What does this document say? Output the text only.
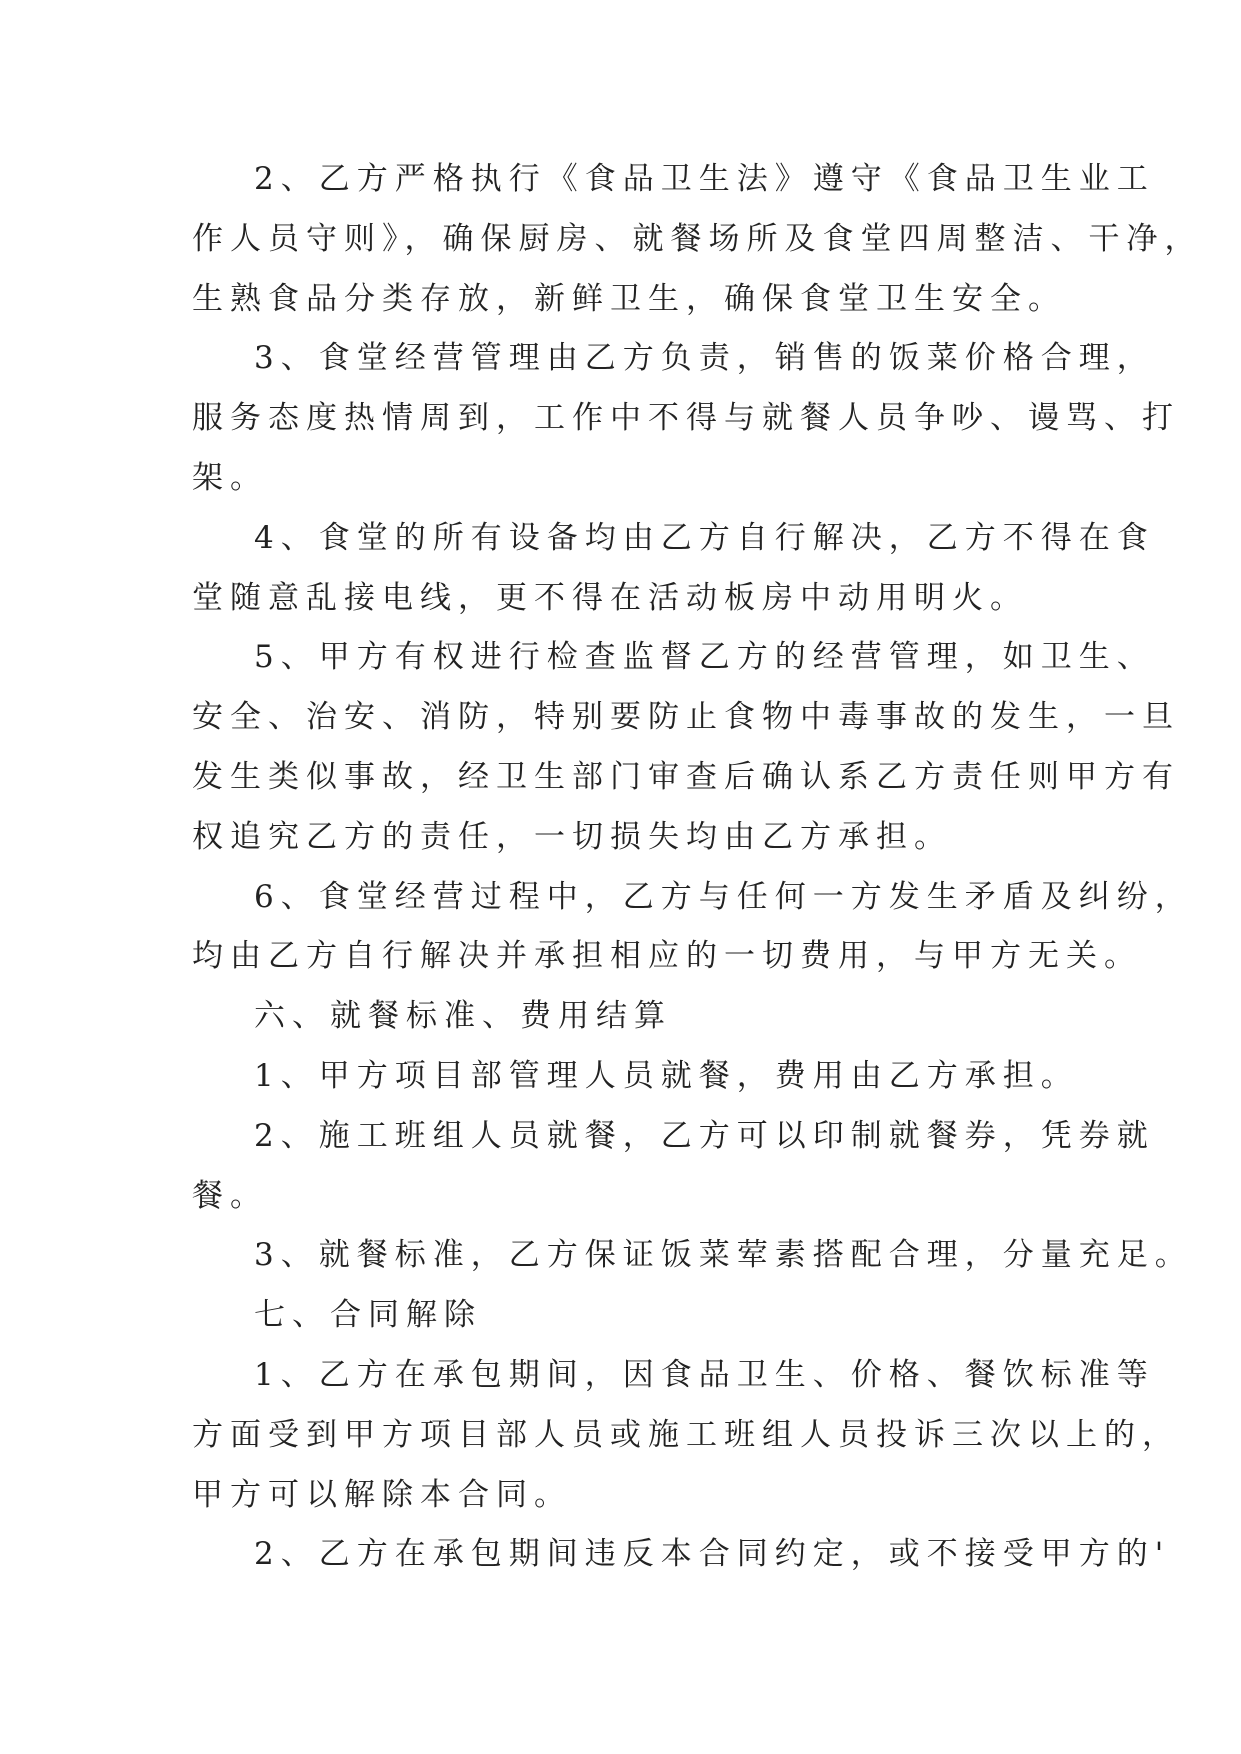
2、乙方严格执行《食品卫生法》遵守《食品卫生业工
作人员守则》，确保厨房、就餐场所及食堂四周整洁、干净，
生熟食品分类存放，新鲜卫生，确保食堂卫生安全。

3、食堂经营管理由乙方负责，销售的饭菜价格合理，
服务态度热情周到，工作中不得与就餐人员争吵、谩骂、打
架。

4、食堂的所有设备均由乙方自行解决，乙方不得在食
堂随意乱接电线，更不得在活动板房中动用明火。

5、甲方有权进行检查监督乙方的经营管理，如卫生、
安全、治安、消防，特别要防止食物中毒事故的发生，一旦
发生类似事故，经卫生部门审查后确认系乙方责任则甲方有
权追究乙方的责任，一切损失均由乙方承担。

6、食堂经营过程中，乙方与任何一方发生矛盾及纠纷，
均由乙方自行解决并承担相应的一切费用，与甲方无关。

六、就餐标准、费用结算

1、甲方项目部管理人员就餐，费用由乙方承担。

2、施工班组人员就餐，乙方可以印制就餐券，凭券就
餐。

3、就餐标准，乙方保证饭菜荤素搭配合理，分量充足。

七、合同解除

1、乙方在承包期间，因食品卫生、价格、餐饮标准等
方面受到甲方项目部人员或施工班组人员投诉三次以上的，
甲方可以解除本合同。

2、乙方在承包期间违反本合同约定，或不接受甲方的'
